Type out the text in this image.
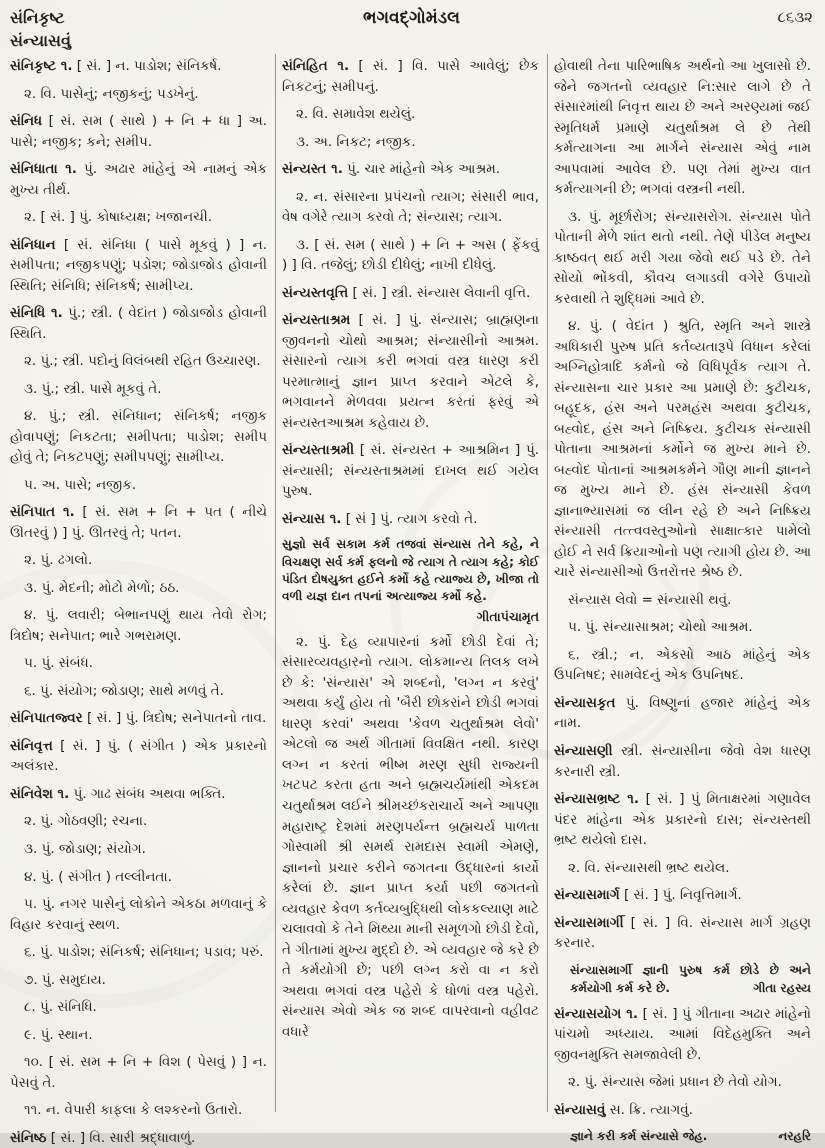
સંનિકૃષ્ટ
સંન્યાસવું
ભગવદ્ગોમંડલ	૮૬૩૨

સંનિકૃષ્ટ ૧. [ સં. ] ન. પાડોશ; સંનિકર્ષ.

૨. વિ. પાસેનું; નજીકનું; પડખેનું.

સંનિધ [ સં. સમ ( સાથે ) + નિ + ધા ] અ. પાસે; નજીક; કને; સમીપ.

સંનિધાતા ૧. પું. અઢાર માંહેનું એ નામનું એક મુખ્ય તીર્થ.

૨. [ સં. ] પું. કોષાધ્યક્ષ; ખજાનચી.

સંનિધાન [ સં. સંનિધા ( પાસે મૂકવું ) ] ન. સમીપતા; નજીકપણું; પડોશ; જોડાજોડ હોવાની સ્થિતિ; સંનિધિ; સંનિકર્ષ; સામીપ્ય.

સંનિધિ ૧. પું.; સ્ત્રી. ( વેદાંત ) જોડાજોડ હોવાની સ્થિતિ.

૨. પું.; સ્ત્રી. પદોનું વિલંબથી રહિત ઉચ્ચારણ.

૩. પું.; સ્ત્રી. પાસે મૂકવું તે.

૪. પું.; સ્ત્રી. સંનિધાન; સંનિકર્ષ; નજીક હોવાપણું; નિકટતા; સમીપતા; પાડોશ; સમીપ હોવું તે; નિકટપણું; સમીપપણું; સામીપ્ય.

૫. અ. પાસે; નજીક.

સંનિપાત ૧. [ સં. સમ + નિ + પત ( નીચે ઊતરવું ) ] પું. ઊતરવું તે; પતન.

૨. પું. ઢગલો.

૩. પું. મેદની; મોટો મેળો; ઠઠ.

૪. પું. લવારી; બેભાનપણું થાય તેવો રોગ; ત્રિદોષ; સનેપાત; ભારે ગભરામણ.

૫. પું. સંબંધ.

૬. પું. સંયોગ; જોડાણ; સાથે મળવું તે.

સંનિપાતજ્વર [ સં. ] પું. ત્રિદોષ; સનેપાતનો તાવ.

સંનિવૃત્ત [ સં. ] પું. ( સંગીત ) એક પ્રકારનો અલંકાર.

સંનિવેશ ૧. પું. ગાઢ સંબંધ અથવા ભક્તિ.

૨. પું. ગોઠવણી; રચના.

૩. પું. જોડાણ; સંયોગ.

૪. પું. ( સંગીત ) તલ્લીનતા.

૫. પું. નગર પાસેનું લોકોને એકઠા મળવાનું કે વિહાર કરવાનું સ્થળ.

૬. પું. પાડોશ; સંનિકર્ષ; સંનિધાન; પડાવ; પરું.

૭. પું. સમુદાય.

૮. પું. સંનિધિ.

૯. પું. સ્થાન.

૧૦. [ સં. સમ + નિ + વિશ ( પેસવું ) ] ન. પેસવું તે.

૧૧. ન. વેપારી કાફલા કે લશ્કરનો ઉતારો.

સંનિષ્ઠ [ સં. ] વિ. સારી શ્રદ્ધાવાળું.

સંનિહિત ૧. [ સં. ] વિ. પાસે આવેલું; છેક નિકટનું; સમીપનું.

૨. વિ. સમાવેશ થયેલું.

૩. અ. નિકટ; નજીક.

સંન્યસ્ત ૧. પું. ચાર માંહેનો એક આશ્રમ.

૨. ન. સંસારના પ્રપંચનો ત્યાગ; સંસારી ભાવ, વેષ વગેરે ત્યાગ કરવો તે; સંન્યાસ; ત્યાગ.

૩. [ સં. સમ ( સાથે ) + નિ + અસ ( ફેંકવું ) ] વિ. તજેલું; છોડી દીધેલું; નાખી દીધેલું.

સંન્યસ્તવૃત્તિ [ સં. ] સ્ત્રી. સંન્યાસ લેવાની વૃત્તિ.

સંન્યસ્તાશ્રમ [ સં. ] પું. સંન્યાસ; બ્રાહ્મણના જીવનનો ચોથો આશ્રમ; સંન્યાસીનો આશ્રમ. સંસારનો ત્યાગ કરી ભગવાં વસ્ત્ર ધારણ કરી પરમાત્માનું જ્ઞાન પ્રાપ્ત કરવાને એટલે કે, ભગવાનને મેળવવા પ્રયત્ન કરતાં ફરવું એ સંન્યસ્તઆશ્રમ કહેવાય છે.

સંન્યસ્તાશ્રમી [ સં. સંન્યસ્ત + આશ્રમિન ] પું. સંન્યાસી; સંન્યસ્તાશ્રમમાં દાખલ થઈ ગયેલ પુરુષ.

સંન્યાસ ૧. [ સં ] પું. ત્યાગ કરવો તે.

સુજ્ઞો સર્વ સકામ કર્મ તજવાં સંન્યાસ તેને કહે, ને વિચક્ષણ સર્વ કર્મ ફલનો જે ત્યાગ તે ત્યાગ કહે; કોઈ પંડિત દોષયુક્ત હઈને કર્મો કહે ત્યાજ્ય છે, ખીજા તો વળી યજ્ઞ દાન તપનાં અત્યાજ્ય કર્મો કહે.

ગીતાપંચામૃત

૨. પું. દેહ વ્યાપારનાં કર્મો છોડી દેવાં તે; સંસારવ્યવહારનો ત્યાગ. લોકમાન્ય તિલક લખે છે કે: 'સંન્યાસ' એ શબ્દનો, 'લગ્ન ન કરવું' અથવા કર્યું હોય તો 'બૈરી છોકરાંને છોડી ભગવાં ધારણ કરવાં' અથવા 'કેવળ ચતુર્થાશ્રમ લેવો' એટલો જ અર્થ ગીતામાં વિવક્ષિત નથી. કારણ લગ્ન ન કરતાં ભીષ્મ મરણ સુધી રાજ્યની ખટપટ કરતા હતા અને બ્રહ્મચર્યમાંથી એકદમ ચતુર્થાશ્રમ લઈને શ્રીમચ્છંકરાચાર્યે અને આપણા મહારાષ્ટ્ર દેશમાં મરણપર્યન્ત બ્રહ્મચર્ય પાળતા ગોસ્વામી શ્રી સમર્થ રામદાસ સ્વામી એમણે, જ્ઞાનનો પ્રચાર કરીને જગતના ઉદ્ધારનાં કાર્યો કરેલાં છે. જ્ઞાન પ્રાપ્ત કર્યા પછી જગતનો વ્યવહાર કેવળ કર્તવ્યબુદ્ધિથી લોકકલ્યાણ માટે ચલાવવો કે તેને મિથ્યા માની સમૂળગો છોડી દેવો, તે ગીતામાં મુખ્ય મુદ્દો છે. એ વ્યવહાર જે કરે છે તે કર્મયોગી છે; પછી લગ્ન કરો વા ન કરો અથવા ભગવાં વસ્ત્ર પહેરો કે ધોળાં વસ્ત્ર પહેરો. સંન્યાસ એવો એક જ શબ્દ વાપરવાનો વહીવટ વધારે

હોવાથી તેના પારિભાષિક અર્થનો આ ખુલાસો છે. જેને જગતનો વ્યવહાર નિ:સાર લાગે છે તે સંસારમાંથી નિવૃત્ત થાય છે અને અરણ્યમાં જઈ સ્મૃતિધર્મ પ્રમાણે ચતુર્થાશ્રમ લે છે તેથી કર્મત્યાગના આ માર્ગને સંન્યાસ એવું નામ આપવામાં આવેલ છે. પણ તેમાં મુખ્ય વાત કર્મત્યાગની છે; ભગવાં વસ્ત્રની નથી.

૩. પું. મૂર્છારોગ; સંન્યાસરોગ. સંન્યાસ પોતે પોતાની મેળે શાંત થતો નથી. તેણે પીડેલ મનુષ્ય કાષ્ઠવત્ થઈ મરી ગયા જેવો થઈ પડે છે. તેને સોયો ભોંકવી, કૌવચ લગાડવી વગેરે ઉપાયો કરવાથી તે શુદ્ધિમાં આવે છે.

૪. પું. ( વેદાંત ) શ્રુતિ, સ્મૃતિ અને શાસ્ત્રે અધિકારી પુરુષ પ્રતિ કર્તવ્યતારૂપે વિધાન કરેલાં અગ્નિહોત્રાદિ કર્મનો જે વિધિપૂર્વક ત્યાગ તે. સંન્યાસના ચાર પ્રકાર આ પ્રમાણે છે: કુટીચક, બહૂદક, હંસ અને પરમહંસ અથવા કુટીચક, બહ્વોદ, હંસ અને નિષ્ક્રિય. કુટીચક સંન્યાસી પોતાના આશ્રમનાં કર્મોને જ મુખ્ય માને છે. બહ્વોદ પોતાનાં આશ્રમકર્મને ગૌણ માની જ્ઞાનને જ મુખ્ય માને છે. હંસ સંન્યાસી કેવળ જ્ઞાનાભ્યાસમાં જ લીન રહે છે અને નિષ્ક્રિય સંન્યાસી તત્ત્વવસ્તુઓનો સાક્ષાત્કાર પામેલો હોઈ ને સર્વ ક્રિયાઓનો પણ ત્યાગી હોય છે. આ ચારે સંન્યાસીઓ ઉત્તરોત્તર શ્રેષ્ઠ છે.

સંન્યાસ લેવો = સંન્યાસી થવું.

૫. પું. સંન્યાસાશ્રમ; ચોથો આશ્રમ.

૬. સ્ત્રી.; ન. એકસો આઠ માંહેનું એક ઉપનિષદ; સામવેદનું એક ઉપનિષદ.

સંન્યાસકૃત પું. વિષ્ણુનાં હજાર માંહેનું એક નામ.

સંન્યાસણી સ્ત્રી. સંન્યાસીના જેવો વેશ ધારણ કરનારી સ્ત્રી.

સંન્યાસભ્રષ્ટ ૧. [ સં. ] પું મિતાક્ષરમાં ગણાવેલ પંદર માંહેના એક પ્રકારનો દાસ; સંન્યસ્તથી ભ્રષ્ટ થયેલો દાસ.

૨. વિ. સંન્યાસથી ભ્રષ્ટ થયેલ.

સંન્યાસમાર્ગ [ સં. ] પું. નિવૃત્તિમાર્ગ.

સંન્યાસમાર્ગી [ સં. ] વિ. સંન્યાસ માર્ગ ગ્રહણ કરનાર.

સંન્યાસમાર્ગી જ્ઞાની પુરુષ કર્મ છોડે છે અને કર્મયોગી કર્મ કરે છે.	ગીતા રહસ્ય

સંન્યાસયોગ ૧. [ સં. ] પું ગીતાના અઢાર માંહેનો પાંચમો અધ્યાય. આમાં વિદેહમુક્તિ અને જીવનમુક્તિ સમજાવેલી છે.

૨. પું. સંન્યાસ જેમાં પ્રધાન છે તેવો યોગ.

સંન્યાસવું સ. ક્રિ. ત્યાગવું.

જ્ઞાને કરી કર્મ સંન્યાસે જેહ.	નરહરિ
